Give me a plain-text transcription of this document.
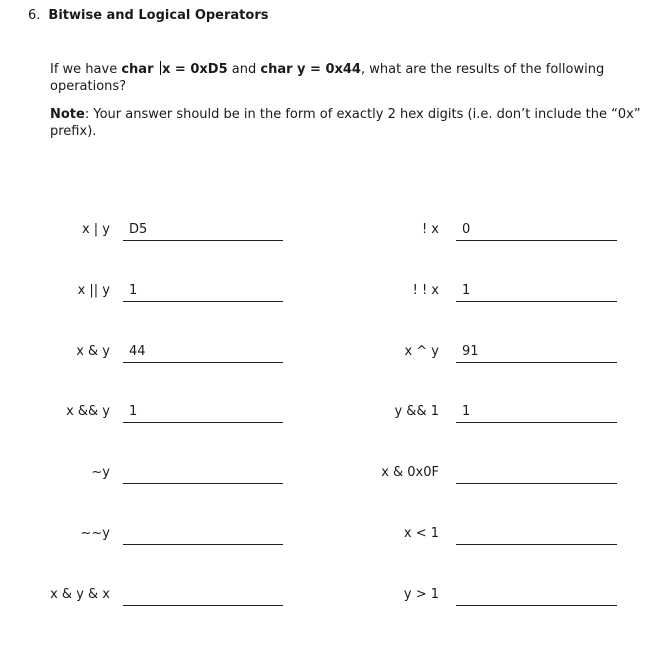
6. Bitwise and Logical Operators
If we have char x = 0xD5 and char y = 0x44, what are the results of the following operations?
Note: Your answer should be in the form of exactly 2 hex digits (i.e. don’t include the “0x” prefix).
x | y D5
x || y 1
x & y 44
x && y 1
~y
~~y
x & y & x
! x 0
! ! x 1
x ^ y 91
y && 1 1
x & 0x0F
x < 1
y > 1
